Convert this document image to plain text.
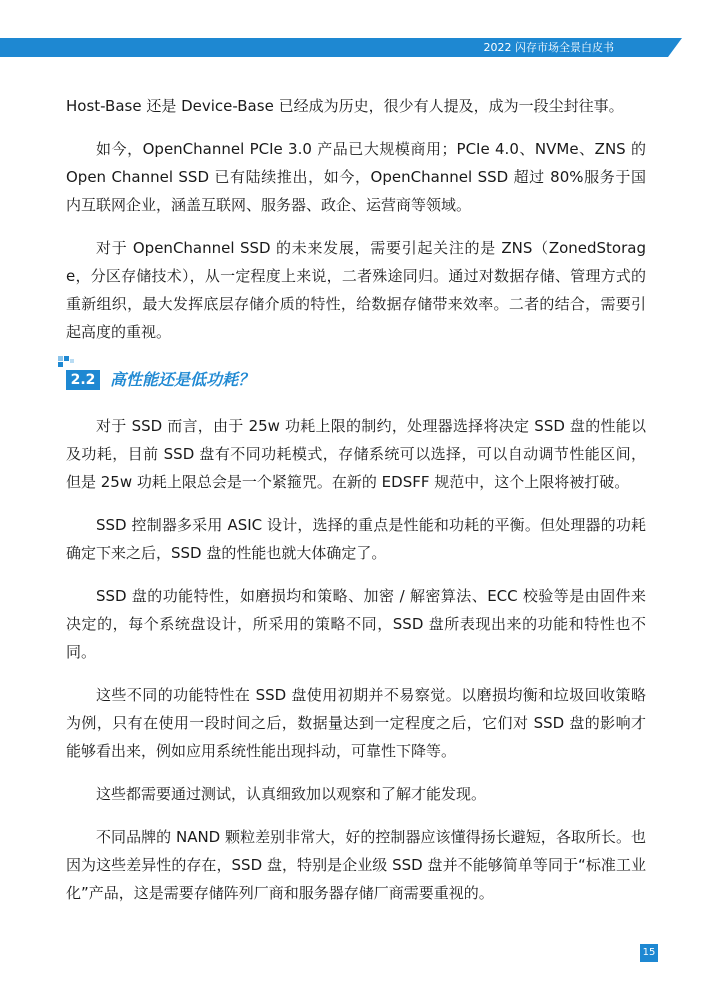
2022 闪存市场全景白皮书

Host-Base 还是 Device-Base 已经成为历史，很少有人提及，成为一段尘封往事。

如今，OpenChannel PCIe 3.0 产品已大规模商用；PCIe 4.0、NVMe、ZNS 的 Open Channel SSD 已有陆续推出，如今，OpenChannel SSD 超过 80%服务于国内互联网企业，涵盖互联网、服务器、政企、运营商等领域。

对于 OpenChannel SSD 的未来发展，需要引起关注的是 ZNS（ZonedStorage，分区存储技术），从一定程度上来说，二者殊途同归。通过对数据存储、管理方式的重新组织，最大发挥底层存储介质的特性，给数据存储带来效率。二者的结合，需要引起高度的重视。

2.2 高性能还是低功耗？

对于 SSD 而言，由于 25w 功耗上限的制约，处理器选择将决定 SSD 盘的性能以及功耗，目前 SSD 盘有不同功耗模式，存储系统可以选择，可以自动调节性能区间，但是 25w 功耗上限总会是一个紧箍咒。在新的 EDSFF 规范中，这个上限将被打破。

SSD 控制器多采用 ASIC 设计，选择的重点是性能和功耗的平衡。但处理器的功耗确定下来之后，SSD 盘的性能也就大体确定了。

SSD 盘的功能特性，如磨损均和策略、加密 / 解密算法、ECC 校验等是由固件来决定的，每个系统盘设计，所采用的策略不同，SSD 盘所表现出来的功能和特性也不同。

这些不同的功能特性在 SSD 盘使用初期并不易察觉。以磨损均衡和垃圾回收策略为例，只有在使用一段时间之后，数据量达到一定程度之后，它们对 SSD 盘的影响才能够看出来，例如应用系统性能出现抖动，可靠性下降等。

这些都需要通过测试，认真细致加以观察和了解才能发现。

不同品牌的 NAND 颗粒差别非常大，好的控制器应该懂得扬长避短，各取所长。也因为这些差异性的存在，SSD 盘，特别是企业级 SSD 盘并不能够简单等同于“标准工业化”产品，这是需要存储阵列厂商和服务器存储厂商需要重视的。

15
